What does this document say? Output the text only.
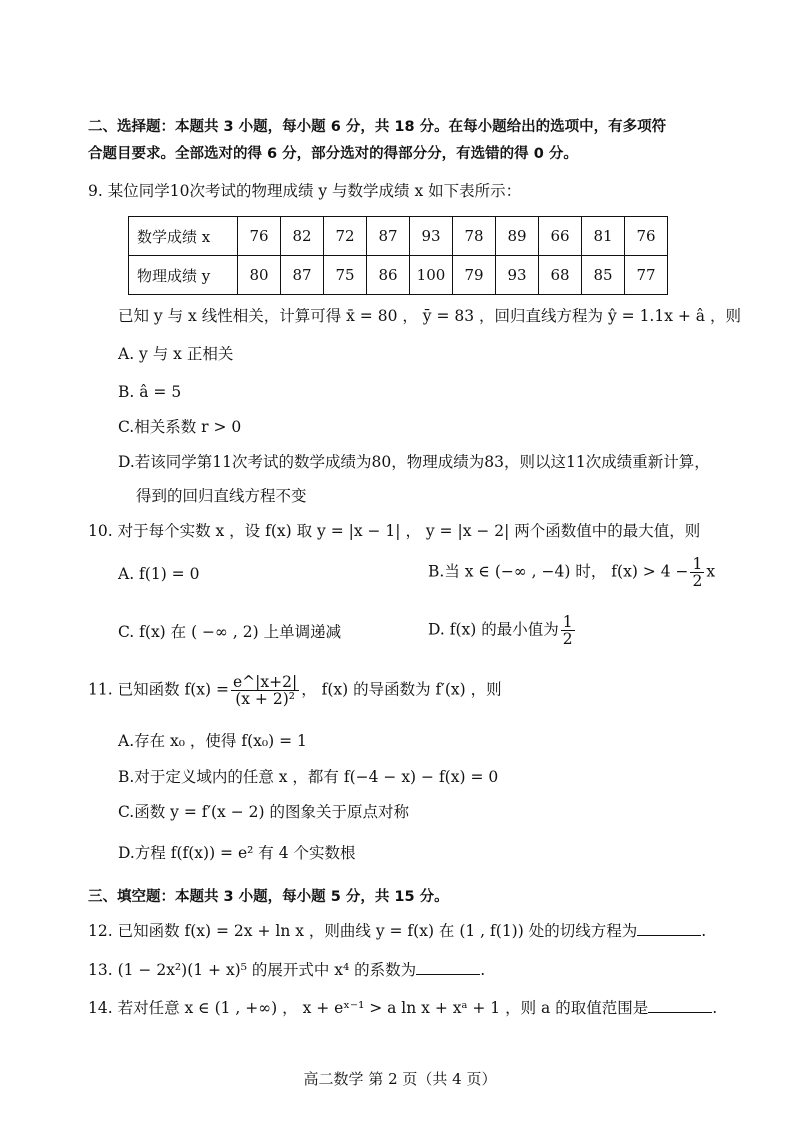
二、选择题：本题共 3 小题，每小题 6 分，共 18 分。在每小题给出的选项中，有多项符
合题目要求。全部选对的得 6 分，部分选对的得部分分，有选错的得 0 分。
9. 某位同学10次考试的物理成绩 y 与数学成绩 x 如下表所示：
数学成绩 x	76	82	72	87	93	78	89	66	81	76
物理成绩 y	80	87	75	86	100	79	93	68	85	77
已知 y 与 x 线性相关，计算可得 x̄ = 80 ， ȳ = 83 ，回归直线方程为 ŷ = 1.1x + â ，则
A. y 与 x 正相关
B. â = 5
C.相关系数 r > 0
D.若该同学第11次考试的数学成绩为80，物理成绩为83，则以这11次成绩重新计算，
得到的回归直线方程不变
10. 对于每个实数 x ，设 f(x) 取 y = |x − 1| ， y = |x − 2| 两个函数值中的最大值，则
A. f(1) = 0	B.当 x ∈ (−∞ , −4) 时， $f(x) > 4 - \frac{1}{2}$ x
C. f(x) 在 ( −∞ , 2) 上单调递减	D. f(x) 的最小值为 $\frac{1}{2}$
11. 已知函数 $f(x) = \frac{e\^{}|x+2|}{\text{(x + 2)²}}$ ， f(x) 的导函数为 f′(x) ，则
A.存在 x₀ ，使得 f(x₀) = 1
B.对于定义域内的任意 x ，都有 f(−4 − x) − f(x) = 0
C.函数 y = f′(x − 2) 的图象关于原点对称
D.方程 f(f(x)) = e² 有 4 个实数根
三、填空题：本题共 3 小题，每小题 5 分，共 15 分。
12. 已知函数 f(x) = 2x + ln x ，则曲线 y = f(x) 在 (1 , f(1)) 处的切线方程为	.
13. (1 − 2x²)(1 + x)⁵ 的展开式中 x⁴ 的系数为	.
14. 若对任意 x ∈ (1 , +∞) ， x + eˣ⁻¹ > a ln x + xᵃ + 1 ，则 a 的取值范围是	.
高二数学 第 2 页（共 4 页）
